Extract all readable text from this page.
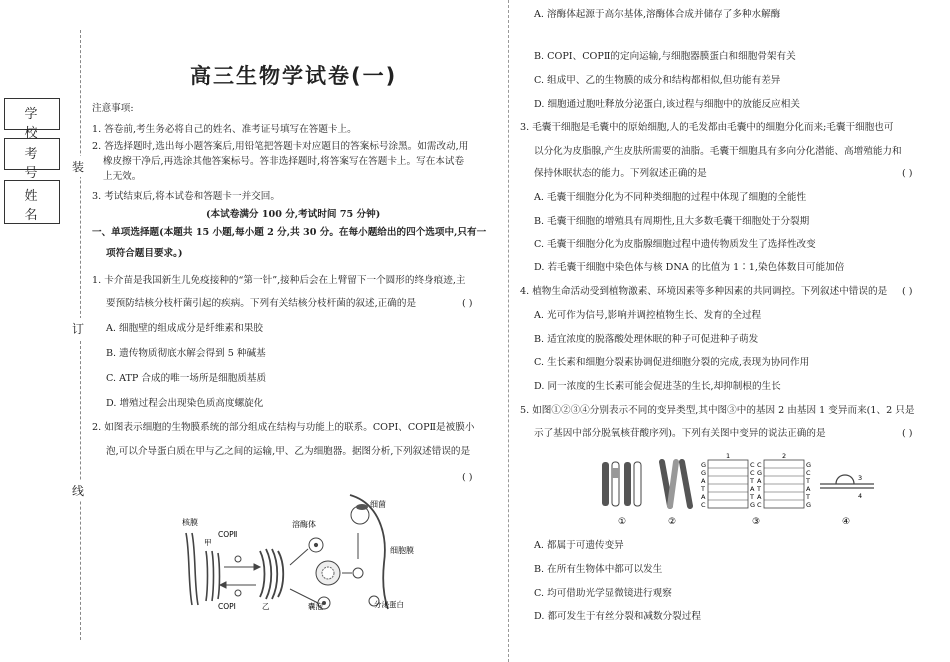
学 校
考 号
姓 名
装
订
线
高三生物学试卷(一)
注意事项:
1. 答卷前,考生务必将自己的姓名、准考证号填写在答题卡上。
2. 答选择题时,选出每小题答案后,用铅笔把答题卡对应题目的答案标号涂黑。如需改动,用
橡皮擦干净后,再选涂其他答案标号。答非选择题时,将答案写在答题卡上。写在本试卷
上无效。
3. 考试结束后,将本试卷和答题卡一并交回。
(本试卷满分 100 分,考试时间 75 分钟)
一、单项选择题(本题共 15 小题,每小题 2 分,共 30 分。在每小题给出的四个选项中,只有一
项符合题目要求。)
1. 卡介苗是我国新生儿免疫接种的“第一针”,接种后会在上臂留下一个圆形的终身痕迹,主
要预防结核分枝杆菌引起的疾病。下列有关结核分枝杆菌的叙述,正确的是	( )
A. 细胞壁的组成成分是纤维素和果胶
B. 遗传物质彻底水解会得到 5 种碱基
C. ATP 合成的唯一场所是细胞质基质
D. 增殖过程会出现染色质高度螺旋化
2. 如图表示细胞的生物膜系统的部分组成在结构与功能上的联系。COPⅠ、COPⅡ是被膜小
泡,可以介导蛋白质在甲与乙之间的运输,甲、乙为细胞器。据图分析,下列叙述错误的是
( )
核膜
COPⅡ
甲
COPⅠ	乙
溶酶体
细菌
细胞膜
囊泡	分泌蛋白
A. 溶酶体起源于高尔基体,溶酶体合成并储存了多种水解酶
B. COPⅠ、COPⅡ的定向运输,与细胞器膜蛋白和细胞骨架有关
C. 组成甲、乙的生物膜的成分和结构都相似,但功能有差异
D. 细胞通过胞吐释放分泌蛋白,该过程与细胞中的放能反应相关
3. 毛囊干细胞是毛囊中的原始细胞,人的毛发都由毛囊中的细胞分化而来;毛囊干细胞也可
以分化为皮脂腺,产生皮肤所需要的油脂。毛囊干细胞具有多向分化潜能、高增殖能力和
保持休眠状态的能力。下列叙述正确的是	( )
A. 毛囊干细胞分化为不同种类细胞的过程中体现了细胞的全能性
B. 毛囊干细胞的增殖具有周期性,且大多数毛囊干细胞处于分裂期
C. 毛囊干细胞分化为皮脂腺细胞过程中遗传物质发生了选择性改变
D. 若毛囊干细胞中染色体与核 DNA 的比值为 1∶1,染色体数目可能加倍
4. 植物生命活动受到植物激素、环境因素等多种因素的共同调控。下列叙述中错误的是 ( )
A. 光可作为信号,影响并调控植物生长、发育的全过程
B. 适宜浓度的脱落酸处理休眠的种子可促进种子萌发
C. 生长素和细胞分裂素协调促进细胞分裂的完成,表现为协同作用
D. 同一浓度的生长素可能会促进茎的生长,却抑制根的生长
5. 如图①②③④分别表示不同的变异类型,其中图③中的基因 2 由基因 1 变异而来(1、2 只是
示了基因中部分脱氧核苷酸序列)。下列有关图中变异的说法正确的是	( )
1	2
G
G
A
T
A
C
C
C
T
A
T
G
C
G
A
T
A
C
G
C
T
A
T
G
3
4
①	②	③	④
A. 都属于可遗传变异
B. 在所有生物体中都可以发生
C. 均可借助光学显微镜进行观察
D. 都可发生于有丝分裂和减数分裂过程
